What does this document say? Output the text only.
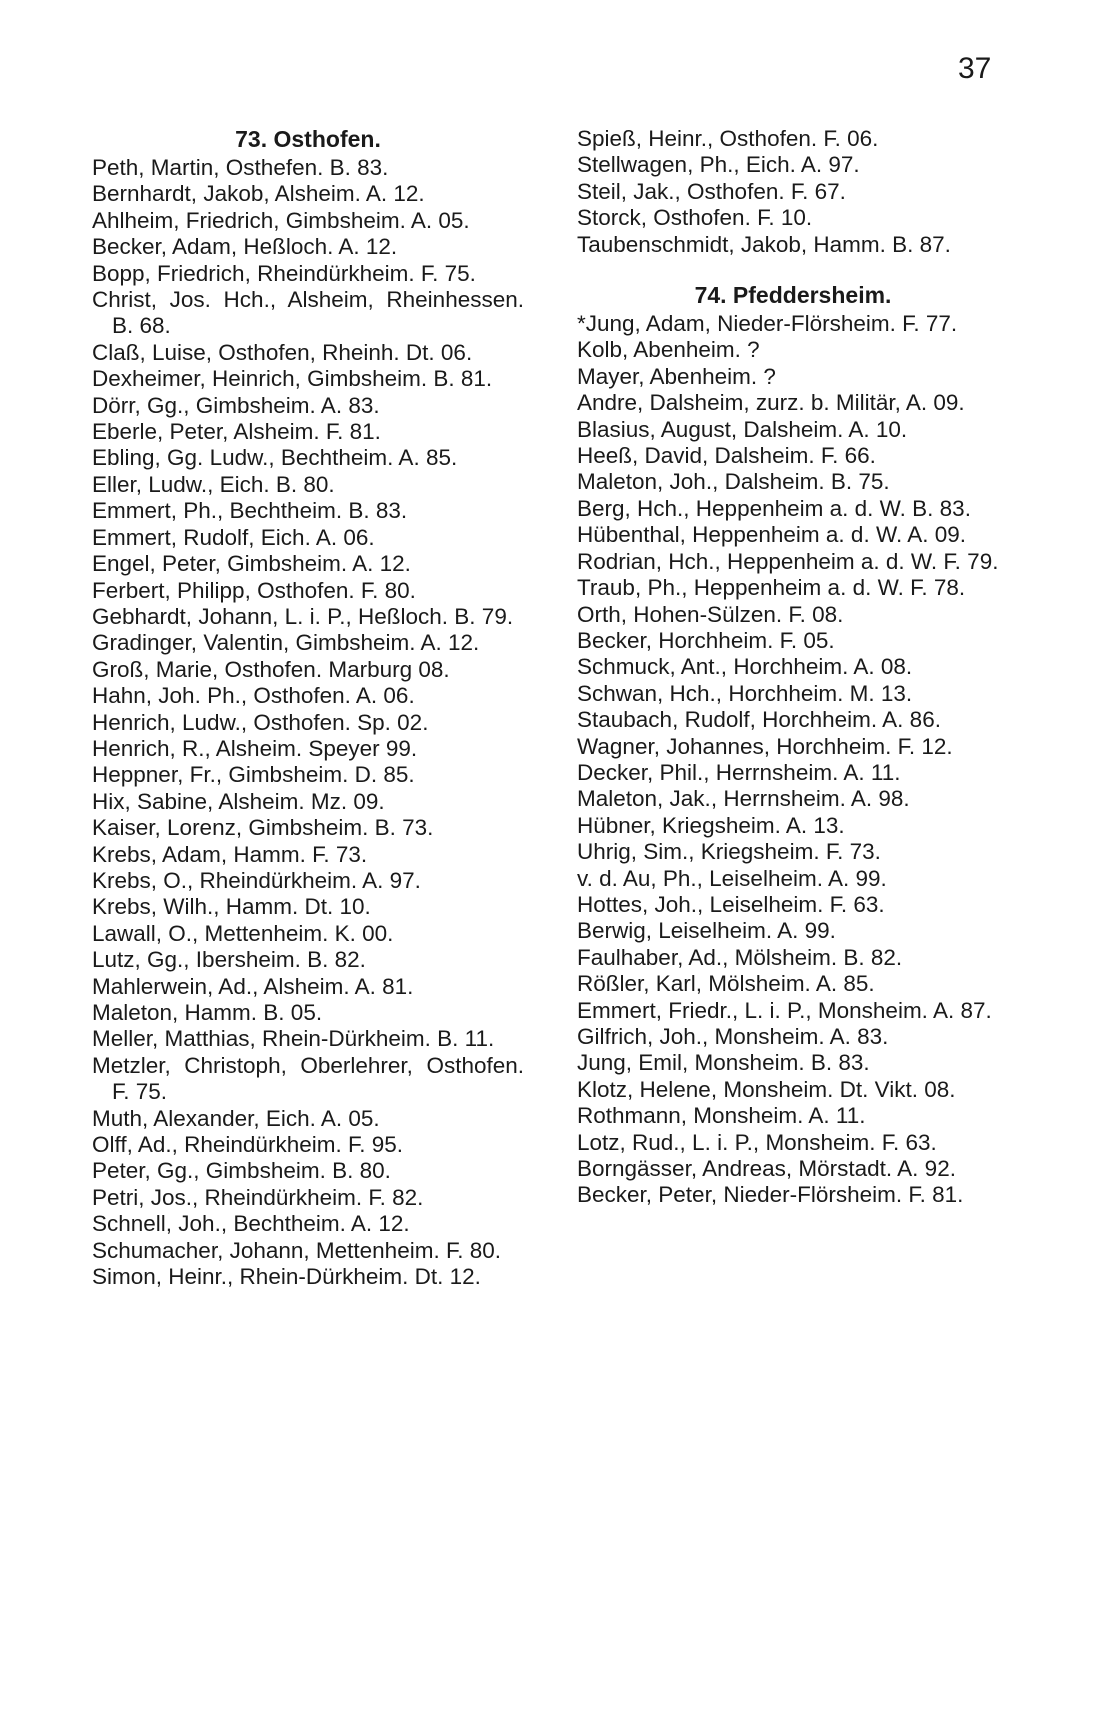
37
73. Osthofen.
Peth, Martin, Osthefen. B. 83.
Bernhardt, Jakob, Alsheim. A. 12.
Ahlheim, Friedrich, Gimbsheim. A. 05.
Becker, Adam, Heßloch. A. 12.
Bopp, Friedrich, Rheindürkheim. F. 75.
Christ, Jos. Hch., Alsheim, Rheinhessen. B. 68.
Claß, Luise, Osthofen, Rheinh. Dt. 06.
Dexheimer, Heinrich, Gimbsheim. B. 81.
Dörr, Gg., Gimbsheim. A. 83.
Eberle, Peter, Alsheim. F. 81.
Ebling, Gg. Ludw., Bechtheim. A. 85.
Eller, Ludw., Eich. B. 80.
Emmert, Ph., Bechtheim. B. 83.
Emmert, Rudolf, Eich. A. 06.
Engel, Peter, Gimbsheim. A. 12.
Ferbert, Philipp, Osthofen. F. 80.
Gebhardt, Johann, L. i. P., Heßloch. B. 79.
Gradinger, Valentin, Gimbsheim. A. 12.
Groß, Marie, Osthofen. Marburg 08.
Hahn, Joh. Ph., Osthofen. A. 06.
Henrich, Ludw., Osthofen. Sp. 02.
Henrich, R., Alsheim. Speyer 99.
Heppner, Fr., Gimbsheim. D. 85.
Hix, Sabine, Alsheim. Mz. 09.
Kaiser, Lorenz, Gimbsheim. B. 73.
Krebs, Adam, Hamm. F. 73.
Krebs, O., Rheindürkheim. A. 97.
Krebs, Wilh., Hamm. Dt. 10.
Lawall, O., Mettenheim. K. 00.
Lutz, Gg., Ibersheim. B. 82.
Mahlerwein, Ad., Alsheim. A. 81.
Maleton, Hamm. B. 05.
Meller, Matthias, Rhein-Dürkheim. B. 11.
Metzler, Christoph, Oberlehrer, Osthofen. F. 75.
Muth, Alexander, Eich. A. 05.
Olff, Ad., Rheindürkheim. F. 95.
Peter, Gg., Gimbsheim. B. 80.
Petri, Jos., Rheindürkheim. F. 82.
Schnell, Joh., Bechtheim. A. 12.
Schumacher, Johann, Mettenheim. F. 80.
Simon, Heinr., Rhein-Dürkheim. Dt. 12.
Spieß, Heinr., Osthofen. F. 06.
Stellwagen, Ph., Eich. A. 97.
Steil, Jak., Osthofen. F. 67.
Storck, Osthofen. F. 10.
Taubenschmidt, Jakob, Hamm. B. 87.
74. Pfeddersheim.
*Jung, Adam, Nieder-Flörsheim. F. 77.
Kolb, Abenheim. ?
Mayer, Abenheim. ?
Andre, Dalsheim, zurz. b. Militär, A. 09.
Blasius, August, Dalsheim. A. 10.
Heeß, David, Dalsheim. F. 66.
Maleton, Joh., Dalsheim. B. 75.
Berg, Hch., Heppenheim a. d. W. B. 83.
Hübenthal, Heppenheim a. d. W. A. 09.
Rodrian, Hch., Heppenheim a. d. W. F. 79.
Traub, Ph., Heppenheim a. d. W. F. 78.
Orth, Hohen-Sülzen. F. 08.
Becker, Horchheim. F. 05.
Schmuck, Ant., Horchheim. A. 08.
Schwan, Hch., Horchheim. M. 13.
Staubach, Rudolf, Horchheim. A. 86.
Wagner, Johannes, Horchheim. F. 12.
Decker, Phil., Herrnsheim. A. 11.
Maleton, Jak., Herrnsheim. A. 98.
Hübner, Kriegsheim. A. 13.
Uhrig, Sim., Kriegsheim. F. 73.
v. d. Au, Ph., Leiselheim. A. 99.
Hottes, Joh., Leiselheim. F. 63.
Berwig, Leiselheim. A. 99.
Faulhaber, Ad., Mölsheim. B. 82.
Rößler, Karl, Mölsheim. A. 85.
Emmert, Friedr., L. i. P., Monsheim. A. 87.
Gilfrich, Joh., Monsheim. A. 83.
Jung, Emil, Monsheim. B. 83.
Klotz, Helene, Monsheim. Dt. Vikt. 08.
Rothmann, Monsheim. A. 11.
Lotz, Rud., L. i. P., Monsheim. F. 63.
Borngässer, Andreas, Mörstadt. A. 92.
Becker, Peter, Nieder-Flörsheim. F. 81.
